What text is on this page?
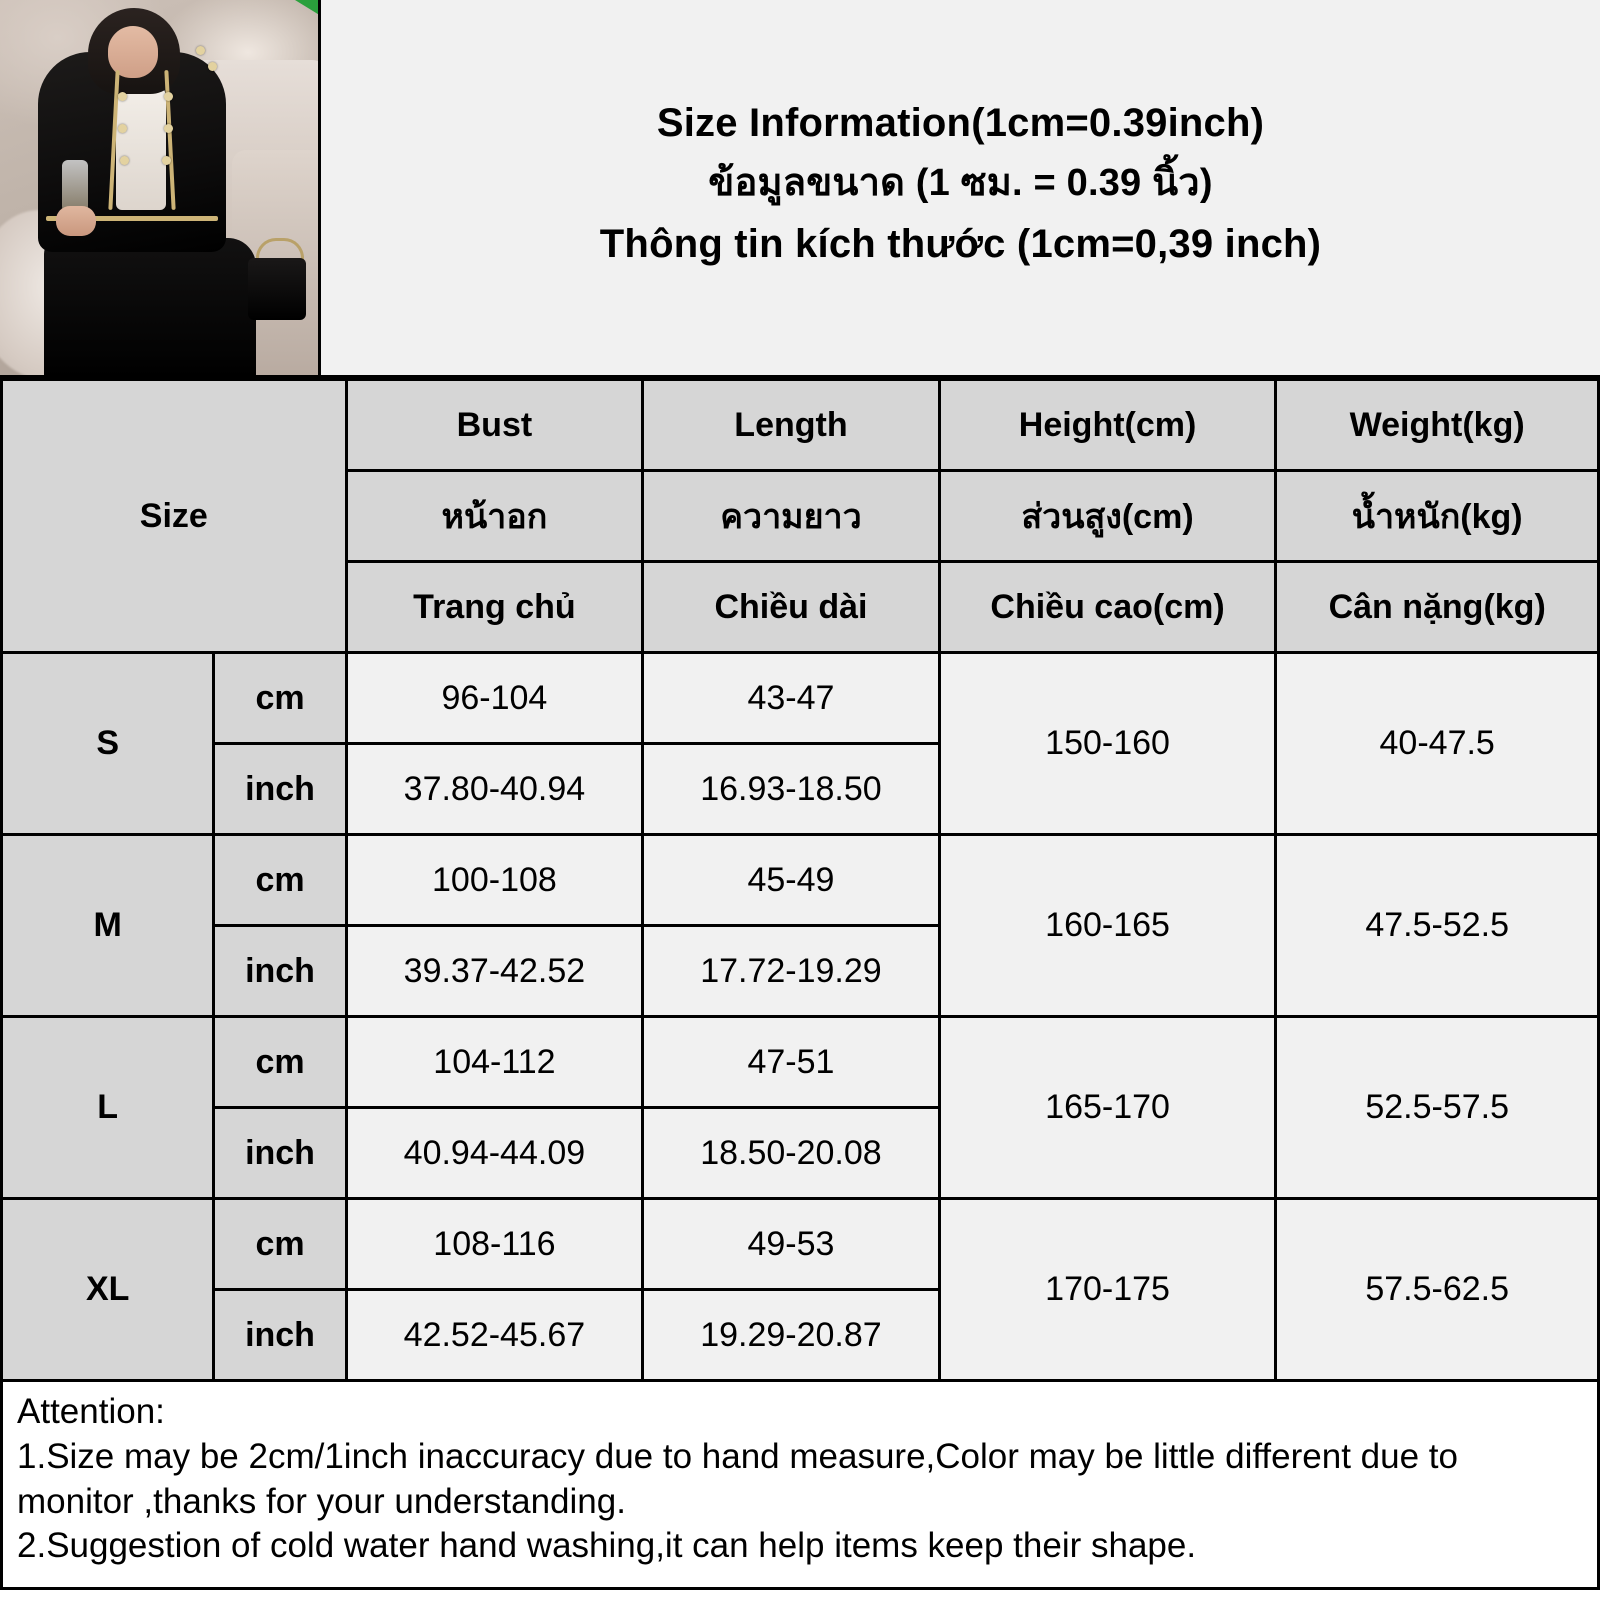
Size Information(1cm=0.39inch)
ข้อมูลขนาด (1 ซม. = 0.39 นิ้ว)
Thông tin kích thước (1cm=0,39 inch)
Size		Bust	Length	Height(cm)	Weight(kg)
		หน้าอก	ความยาว	ส่วนสูง(cm)	น้ำหนัก(kg)
		Trang chủ	Chiều dài	Chiều cao(cm)	Cân nặng(kg)
S	cm	96-104	43-47	150-160	40-47.5
	inch	37.80-40.94	16.93-18.50		
M	cm	100-108	45-49	160-165	47.5-52.5
	inch	39.37-42.52	17.72-19.29		
L	cm	104-112	47-51	165-170	52.5-57.5
	inch	40.94-44.09	18.50-20.08		
XL	cm	108-116	49-53	170-175	57.5-62.5
	inch	42.52-45.67	19.29-20.87		
Attention:
1.Size may be 2cm/1inch inaccuracy due to hand measure,Color may be little different due to monitor ,thanks for your understanding.
2.Suggestion of cold water hand washing,it can help items keep their shape.
